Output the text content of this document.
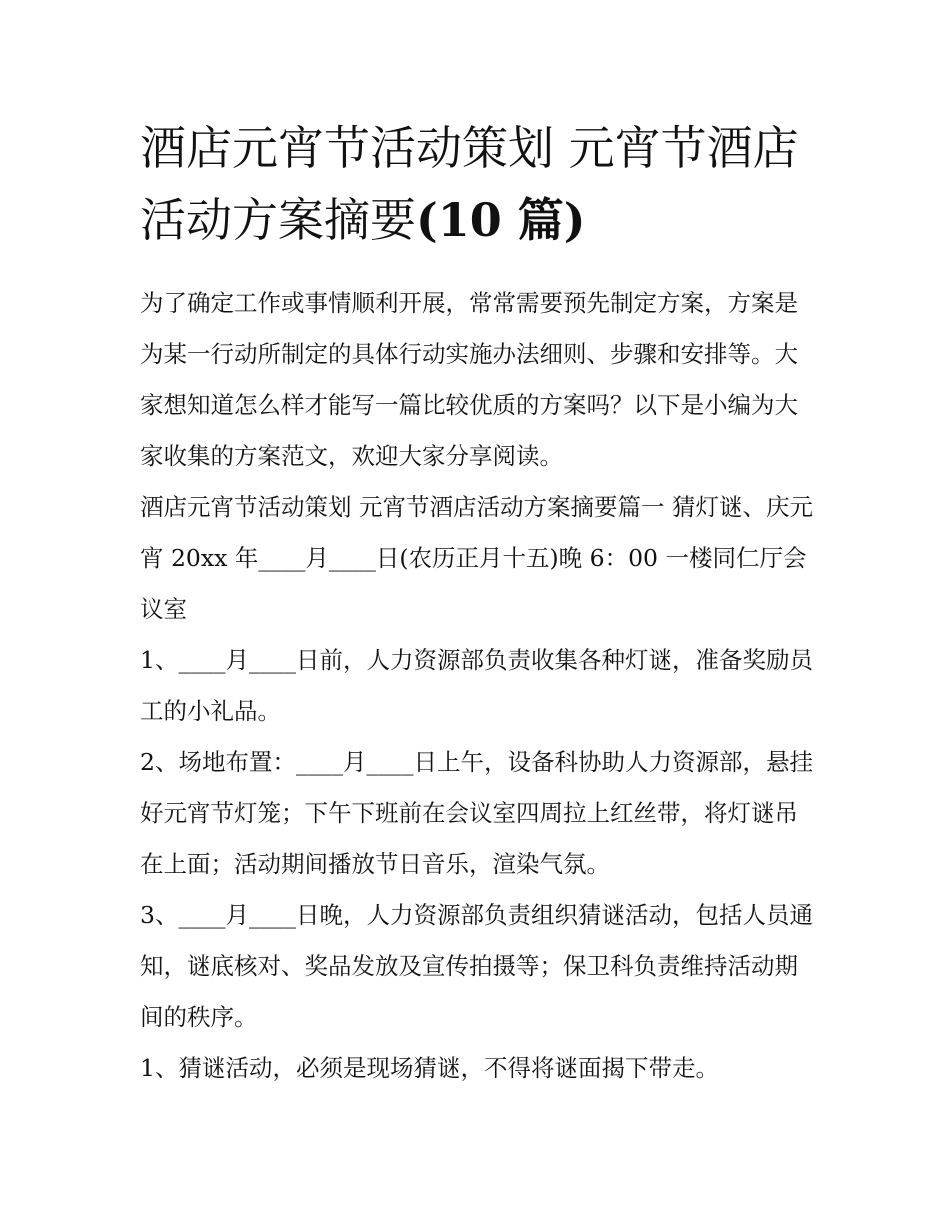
酒店元宵节活动策划 元宵节酒店活动方案摘要(10 篇)

为了确定工作或事情顺利开展，常常需要预先制定方案，方案是为某一行动所制定的具体行动实施办法细则、步骤和安排等。大家想知道怎么样才能写一篇比较优质的方案吗？以下是小编为大家收集的方案范文，欢迎大家分享阅读。

酒店元宵节活动策划 元宵节酒店活动方案摘要篇一 猜灯谜、庆元宵 20xx 年____月____日(农历正月十五)晚 6：00 一楼同仁厅会议室

1、____月____日前，人力资源部负责收集各种灯谜，准备奖励员工的小礼品。

2、场地布置：____月____日上午，设备科协助人力资源部，悬挂好元宵节灯笼；下午下班前在会议室四周拉上红丝带，将灯谜吊在上面；活动期间播放节日音乐，渲染气氛。

3、____月____日晚，人力资源部负责组织猜谜活动，包括人员通知，谜底核对、奖品发放及宣传拍摄等；保卫科负责维持活动期间的秩序。

1、猜谜活动，必须是现场猜谜，不得将谜面揭下带走。
